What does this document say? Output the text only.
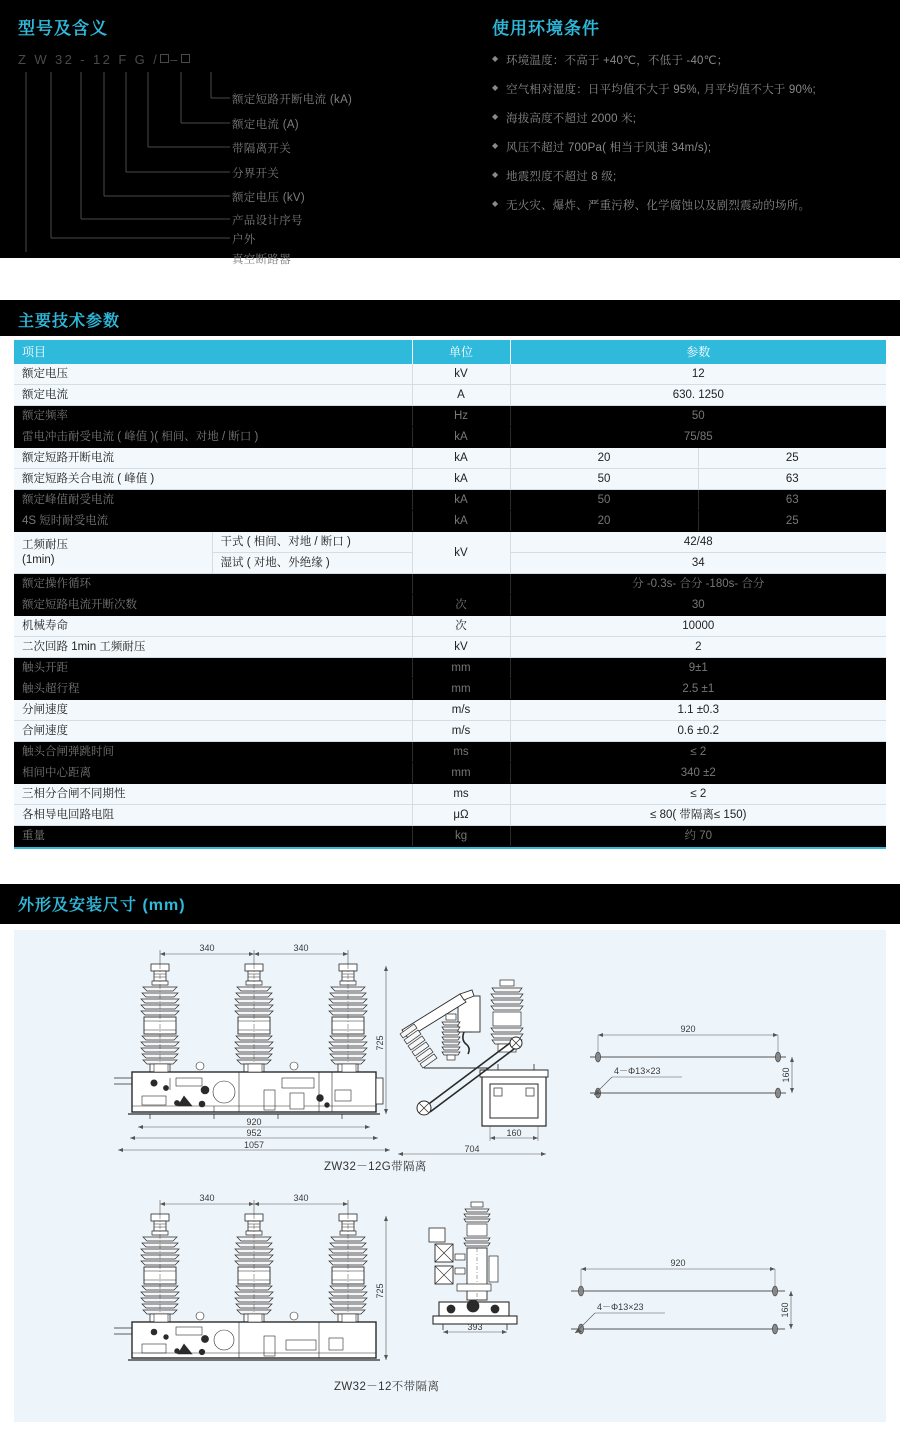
型号及含义
Z W 32 - 12 F G / –
额定短路开断电流 (kA)
额定电流 (A)
带隔离开关
分界开关
额定电压 (kV)
产品设计序号
户外
真空断路器
使用环境条件
◆ 环境温度：不高于 +40℃，不低于 -40℃；
◆ 空气相对湿度：日平均值不大于 95%, 月平均值不大于 90%;
◆ 海拔高度不超过 2000 米;
◆ 风压不超过 700Pa( 相当于风速 34m/s);
◆ 地震烈度不超过 8 级;
◆ 无火灾、爆炸、严重污秽、化学腐蚀以及剧烈震动的场所。
主要技术参数
项目		单位	参数	
额定电压		kV	12	
额定电流		A	630. 1250	
额定频率		Hz	50	
雷电冲击耐受电流 ( 峰值 )( 相间、对地 / 断口 )		kA	75/85	
额定短路开断电流		kA	20	25
额定短路关合电流 ( 峰值 )		kA	50	63
额定峰值耐受电流		kA	50	63
4S 短时耐受电流		kA	20	25

工频耐压
(1min)	干式 ( 相间、对地 / 断口 )	kV	42/48	
	湿试 ( 对地、外绝缘 )		34	
额定操作循环			分 -0.3s- 合分 -180s- 合分	
额定短路电流开断次数		次	30	
机械寿命		次	10000	
二次回路 1min 工频耐压		kV	2	
触头开距		mm	9±1	
触头超行程		mm	2.5 ±1	
分闸速度		m/s	1.1 ±0.3	
合闸速度		m/s	0.6 ±0.2	
触头合闸弹跳时间		ms	≤ 2	
相间中心距离		mm	340 ±2	
三相分合闸不同期性		ms	≤ 2	
各相导电回路电阻		μΩ	≤ 80( 带隔离≤ 150)	
重量		kg	约 70	
外形及安装尺寸 (mm)
340	340
725
920
952
1057
160
704
920
160
4－Φ13×23
ZW32－12G带隔离
340	340
725
393
920
160
4－Φ13×23
ZW32－12不带隔离
